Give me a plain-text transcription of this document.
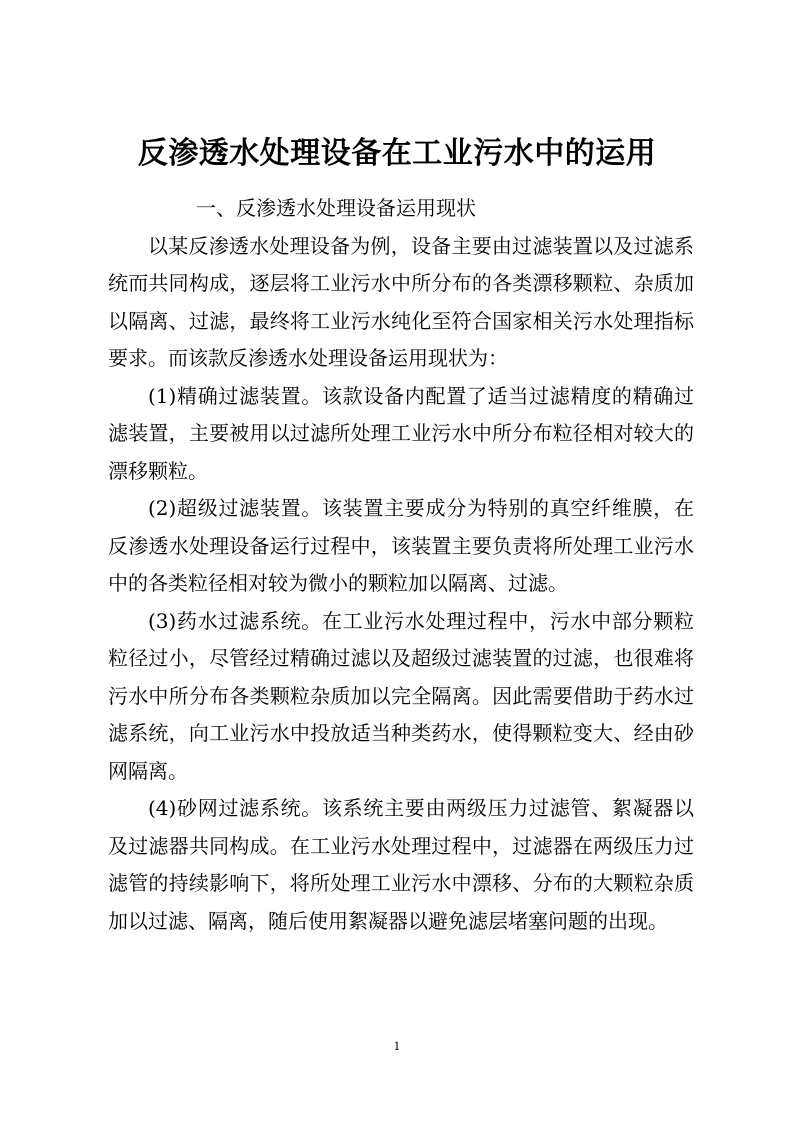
反渗透水处理设备在工业污水中的运用

一、反渗透水处理设备运用现状

以某反渗透水处理设备为例，设备主要由过滤装置以及过滤系统而共同构成，逐层将工业污水中所分布的各类漂移颗粒、杂质加以隔离、过滤，最终将工业污水纯化至符合国家相关污水处理指标要求。而该款反渗透水处理设备运用现状为：

(1)精确过滤装置。该款设备内配置了适当过滤精度的精确过滤装置，主要被用以过滤所处理工业污水中所分布粒径相对较大的漂移颗粒。

(2)超级过滤装置。该装置主要成分为特别的真空纤维膜，在反渗透水处理设备运行过程中，该装置主要负责将所处理工业污水中的各类粒径相对较为微小的颗粒加以隔离、过滤。

(3)药水过滤系统。在工业污水处理过程中，污水中部分颗粒粒径过小，尽管经过精确过滤以及超级过滤装置的过滤，也很难将污水中所分布各类颗粒杂质加以完全隔离。因此需要借助于药水过滤系统，向工业污水中投放适当种类药水，使得颗粒变大、经由砂网隔离。

(4)砂网过滤系统。该系统主要由两级压力过滤管、絮凝器以及过滤器共同构成。在工业污水处理过程中，过滤器在两级压力过滤管的持续影响下，将所处理工业污水中漂移、分布的大颗粒杂质加以过滤、隔离，随后使用絮凝器以避免滤层堵塞问题的出现。

1
